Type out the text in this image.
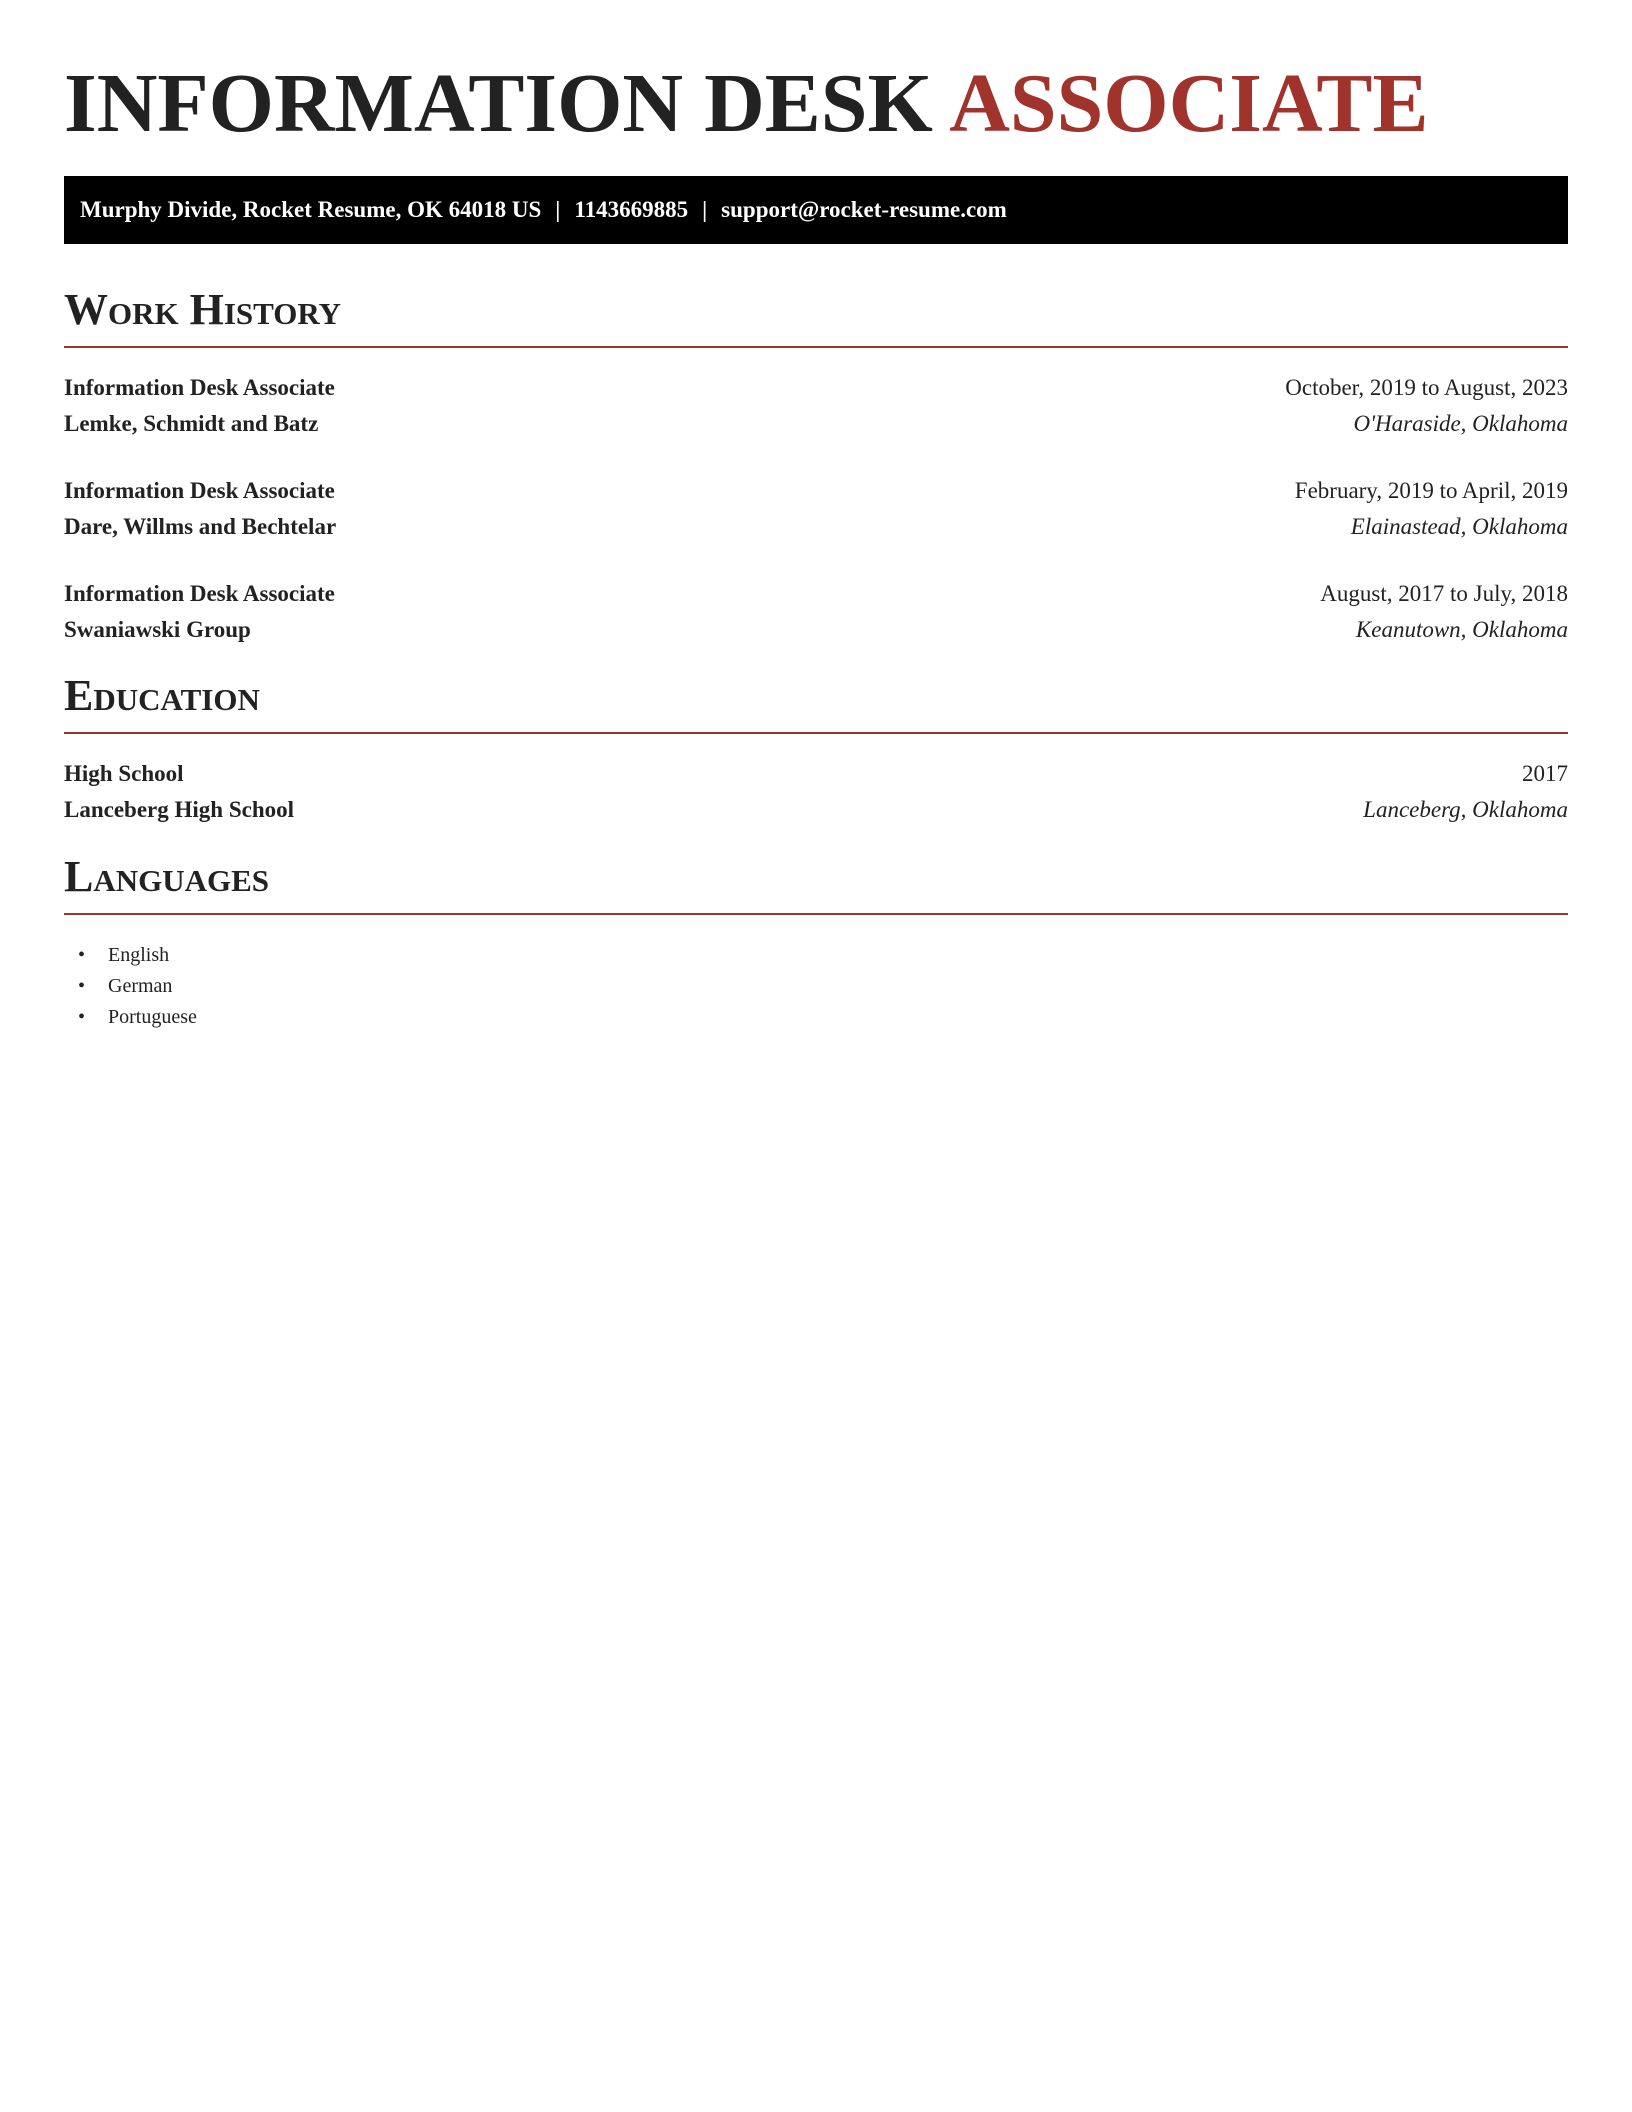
INFORMATION DESK ASSOCIATE
Murphy Divide, Rocket Resume, OK 64018 US | 1143669885 | support@rocket-resume.com
Work History
Information Desk Associate	October, 2019 to August, 2023
Lemke, Schmidt and Batz	O'Haraside, Oklahoma
Information Desk Associate	February, 2019 to April, 2019
Dare, Willms and Bechtelar	Elainastead, Oklahoma
Information Desk Associate	August, 2017 to July, 2018
Swaniawski Group	Keanutown, Oklahoma
Education
High School	2017
Lanceberg High School	Lanceberg, Oklahoma
Languages
• English
• German
• Portuguese
